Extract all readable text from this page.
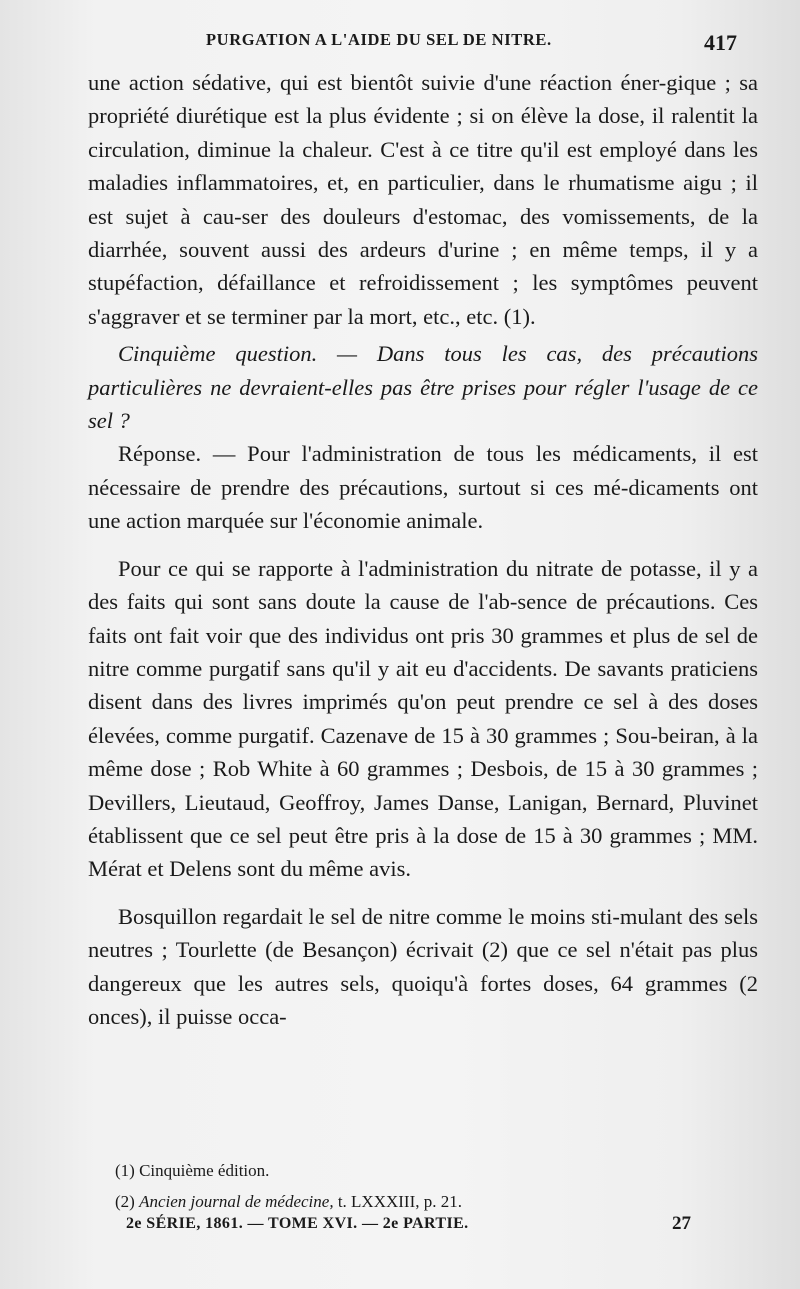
PURGATION A L'AIDE DU SEL DE NITRE.	417

une action sédative, qui est bientôt suivie d'une réaction éner-gique ; sa propriété diurétique est la plus évidente ; si on élève la dose, il ralentit la circulation, diminue la chaleur. C'est à ce titre qu'il est employé dans les maladies inflammatoires, et, en particulier, dans le rhumatisme aigu ; il est sujet à cau-ser des douleurs d'estomac, des vomissements, de la diarrhée, souvent aussi des ardeurs d'urine ; en même temps, il y a stupéfaction, défaillance et refroidissement ; les symptômes peuvent s'aggraver et se terminer par la mort, etc., etc. (1).

Cinquième question. — Dans tous les cas, des précautions particulières ne devraient-elles pas être prises pour régler l'usage de ce sel ?

Réponse. — Pour l'administration de tous les médicaments, il est nécessaire de prendre des précautions, surtout si ces mé-dicaments ont une action marquée sur l'économie animale.

Pour ce qui se rapporte à l'administration du nitrate de potasse, il y a des faits qui sont sans doute la cause de l'ab-sence de précautions. Ces faits ont fait voir que des individus ont pris 30 grammes et plus de sel de nitre comme purgatif sans qu'il y ait eu d'accidents. De savants praticiens disent dans des livres imprimés qu'on peut prendre ce sel à des doses élevées, comme purgatif. Cazenave de 15 à 30 grammes ; Sou-beiran, à la même dose ; Rob White à 60 grammes ; Desbois, de 15 à 30 grammes ; Devillers, Lieutaud, Geoffroy, James Danse, Lanigan, Bernard, Pluvinet établissent que ce sel peut être pris à la dose de 15 à 30 grammes ; MM. Mérat et Delens sont du même avis.

Bosquillon regardait le sel de nitre comme le moins sti-mulant des sels neutres ; Tourlette (de Besançon) écrivait (2) que ce sel n'était pas plus dangereux que les autres sels, quoiqu'à fortes doses, 64 grammes (2 onces), il puisse occa-

(1) Cinquième édition.
(2) Ancien journal de médecine, t. LXXXIII, p. 21.
2e SÉRIE, 1861. — TOME XVI. — 2e PARTIE.	27
